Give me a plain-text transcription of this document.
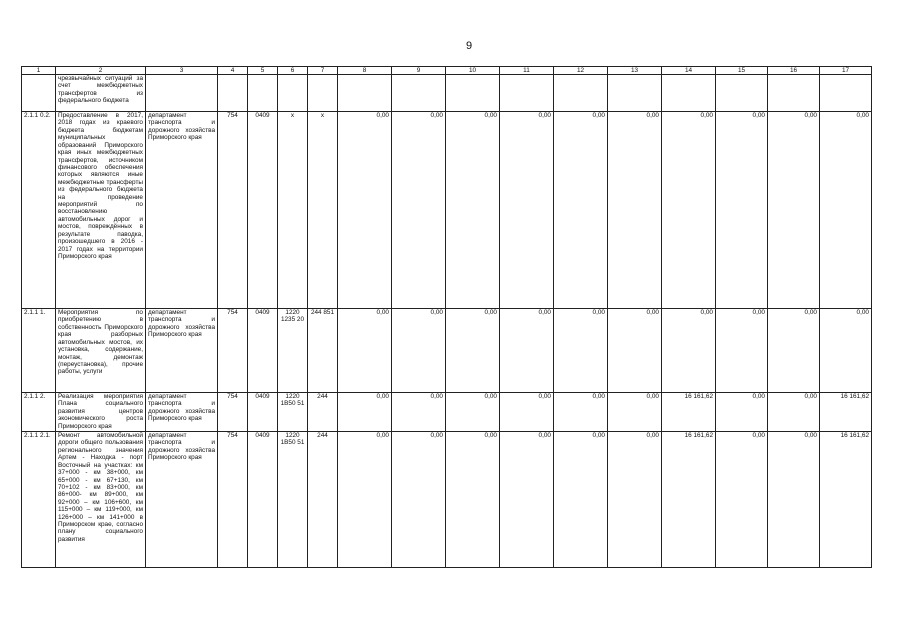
9
1	2	3	4	5	6	7	8	9	10	11	12	13	14	15	16	17
	чрезвычайных ситуаций за счет межбюджетных трансфертов из федерального бюджета															
2.1.1 0.2.	Предоставление в 2017, 2018 годах из краевого бюджета бюджетам муниципальных образований Приморского края иных межбюджетных трансфертов, источником финансового обеспечения которых являются иные межбюджетные трансферты из федерального бюджета на проведение мероприятий по восстановлению автомобильных дорог и мостов, повреждённых в результате паводка, произошедшего в 2016 - 2017 годах на территории Приморского края	департамент транспорта и дорожного хозяйства Приморского края	754	0409	x	x	0,00	0,00	0,00	0,00	0,00	0,00	0,00	0,00	0,00	0,00
2.1.1 1.	Мероприятия по приобретению в собственность Приморского края разборных автомобильных мостов, их установка, содержание, монтаж, демонтаж (переустановка), прочие работы, услуги	департамент транспорта и дорожного хозяйства Приморского края	754	0409	1220 1235 20	244 851	0,00	0,00	0,00	0,00	0,00	0,00	0,00	0,00	0,00	0,00
2.1.1 2.	Реализация мероприятия Плана социального развития центров экономического роста Приморского края	департамент транспорта и дорожного хозяйства Приморского края	754	0409	1220 1В50 51	244	0,00	0,00	0,00	0,00	0,00	0,00	16 161,62	0,00	0,00	16 161,62
2.1.1 2.1.	Ремонт автомобильной дороги общего пользования регионального значения Артем - Находка - порт Восточный на участках: км 37+000 - км 38+000, км 65+000 - км 67+130, км 70+102 - км 83+000, км 86+000- км 89+000, км 92+000 – км 106+600, км 115+000 – км 119+000, км 126+000 – км 141+000 в Приморском крае, согласно плану социального развития	департамент транспорта и дорожного хозяйства Приморского края	754	0409	1220 1В50 51	244	0,00	0,00	0,00	0,00	0,00	0,00	16 161,62	0,00	0,00	16 161,62
